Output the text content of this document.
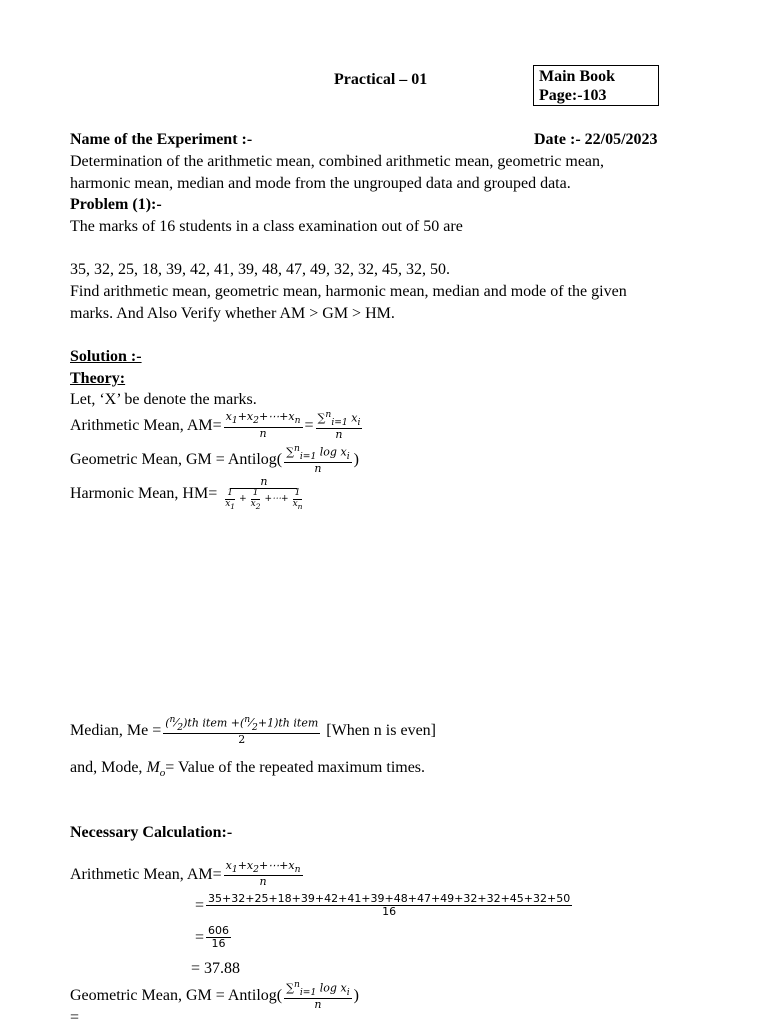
Practical – 01	Main Book
Page:-103
Name of the Experiment :-	Date :- 22/05/2023
Determination of the arithmetic mean, combined arithmetic mean, geometric mean,
harmonic mean, median and mode from the ungrouped data and grouped data.
Problem (1):-
The marks of 16 students in a class examination out of 50 are
35, 32, 25, 18, 39, 42, 41, 39, 48, 47, 49, 32, 32, 45, 32, 50.
Find arithmetic mean, geometric mean, harmonic mean, median and mode of the given
marks. And Also Verify whether AM > GM > HM.
Solution :-
Theory:
Let, ‘X’ be denote the marks.
Arithmetic Mean, $AM= \frac{x_1+x_2+\cdots+x_n}{n} = \frac{\sum^n_{i=1} x_i}{n}$
Geometric Mean, GM = Antilog( $\frac{\sum^n_{i=1} \log x_i}{n}$ )
Harmonic Mean, $HM= \frac{n}{\frac{1}{x_1} + \frac{1}{x_2} +\cdots+ \frac{1}{x_n}}$
Median, $Me = \frac{(^n⁄_2)th item +(^n⁄_2+1)th item}{2}$ [When n is even]
and, Mode, $M_o=$ Value of the repeated maximum times.
Necessary Calculation:-
Arithmetic Mean, $AM= \frac{x_1+x_2+\cdots+x_n}{n}$
= $\frac{35+32+25+18+39+42+41+39+48+47+49+32+32+45+32+50}{16}$
= $\frac{606}{16}$
= 37.88
Geometric Mean, GM = Antilog( $\frac{\sum^n_{i=1} \log x_i}{n}$ )
=
